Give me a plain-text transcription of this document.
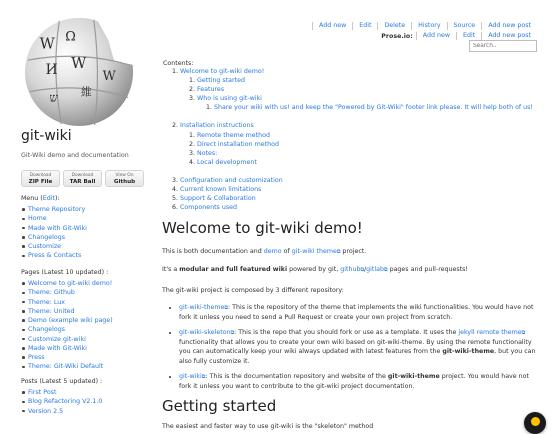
W Ω
И W
W
維
ש
git-wiki
Git-Wiki demo and documentation
Download
ZIP File
Download
TAR Ball
View On
Github
Menu (Edit):
Theme Repository
Home
Made with Git-Wiki
Changelogs
Customize
Press & Contacts
Pages (Latest 10 updated) :
Welcome to git-wiki demo!
Theme: Github
Theme: Lux
Theme: United
Demo (example wiki page)
Changelogs
Customize git-wiki
Made with Git-Wiki
Press
Theme: Git-Wiki Default
Posts (Latest 5 updated) :
First Post
Blog Refactoring V2.1.0
Version 2.5
Add new	Edit	Delete	History	Source	Add new post
Prose.io:	Add new	Edit	Add new post
Search..
Contents:
1. Welcome to git-wiki demo!
1. Getting started
2. Features
3. Who is using git-wiki
1. Share your wiki with us! and keep the "Powered by Git-Wiki" footer link please. It will help both of us!
2. Installation instructions
1. Remote theme method
2. Direct installation method
3. Notes:
4. Local development
3. Configuration and customization
4. Current known limitations
5. Support & Collaboration
6. Components used
Welcome to git-wiki demo!

This is both documentation and demo of git-wiki theme⧉ project.

It's a modular and full featured wiki powered by git, github⧉/gitlab⧉ pages and pull-requests!

The git-wiki project is composed by 3 different repository:

• git-wiki-theme⧉: This is the repository of the theme that implements the wiki functionalities. You would have not fork it unless you need to send a Pull Request or create your own project from scratch.
• git-wiki-skeleton⧉: This is the repo that you should fork or use as a template. It uses the jekyll remote theme⧉ functionality that allows you to create your own wiki based on git-wiki-theme. By using the remote functionality you can automatically keep your wiki always updated with latest features from the git-wiki-theme, but you can also fully customize it.
• git-wiki⧉: This is the documentation repository and website of the git-wiki-theme project. You would have not fork it unless you want to contribute to the git-wiki project documentation.
Getting started

The easiest and faster way to use git-wiki is the "skeleton" method
